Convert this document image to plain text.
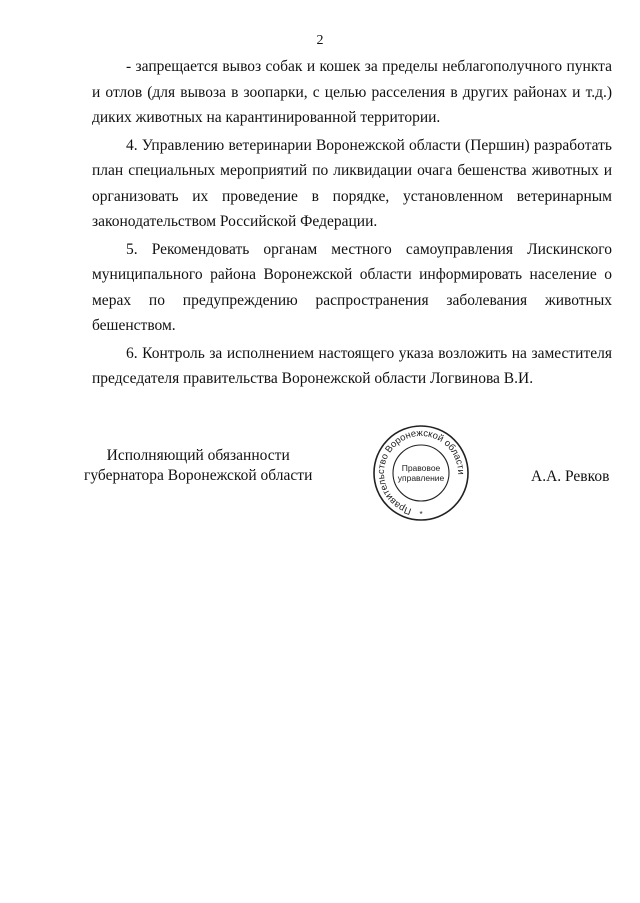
2

- запрещается вывоз собак и кошек за пределы неблагополучного пункта и отлов (для вывоза в зоопарки, с целью расселения в других районах и т.д.) диких животных на карантинированной территории.

4. Управлению ветеринарии Воронежской области (Першин) разработать план специальных мероприятий по ликвидации очага бешенства животных и организовать их проведение в порядке, установленном ветеринарным законодательством Российской Федерации.

5. Рекомендовать органам местного самоуправления Лискинского муниципального района Воронежской области информировать население о мерах по предупреждению распространения заболевания животных бешенством.

6. Контроль за исполнением настоящего указа возложить на заместителя председателя правительства Воронежской области Логвинова В.И.

Исполняющий обязанности
губернатора Воронежской области
Правительство Воронежской области
Правовое
управление
*
А.А. Ревков
